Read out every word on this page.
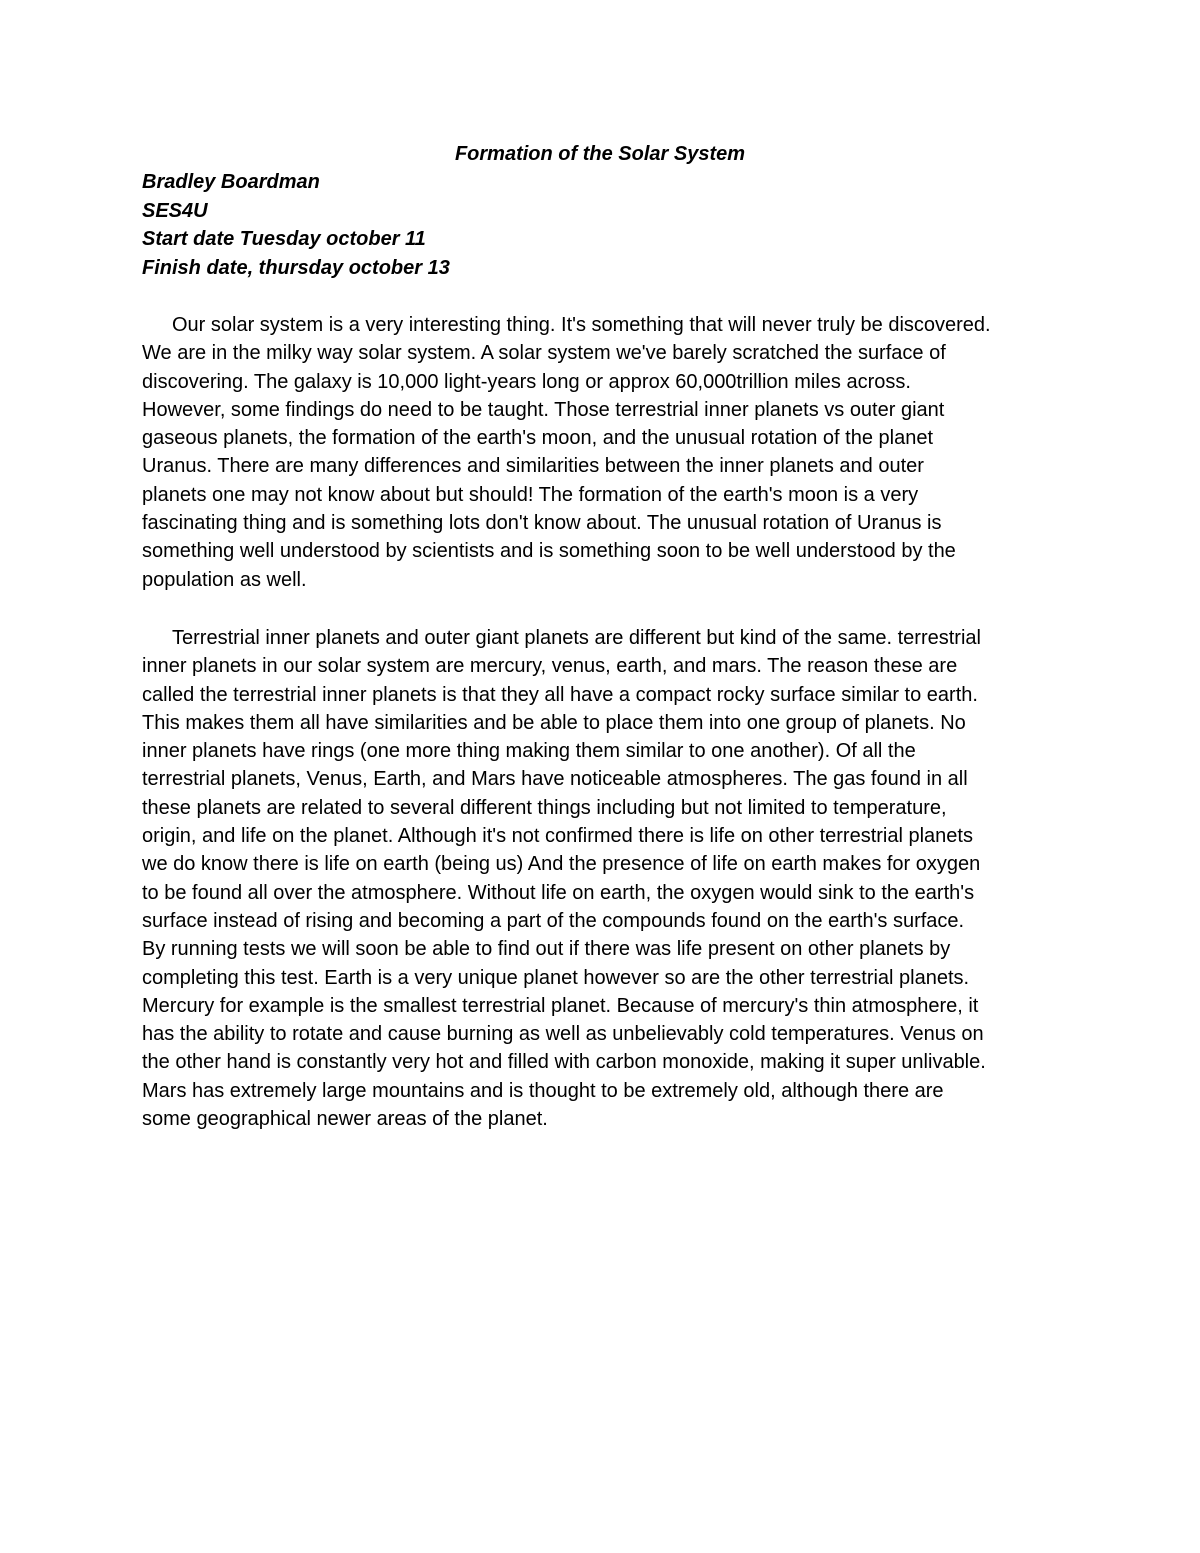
Formation of the Solar System
Bradley Boardman
SES4U
Start date Tuesday october 11
Finish date, thursday october 13
Our solar system is a very interesting thing. It's something that will never truly be discovered.
We are in the milky way solar system. A solar system we've barely scratched the surface of
discovering. The galaxy is 10,000 light-years long or approx 60,000trillion miles across.
However, some findings do need to be taught. Those terrestrial inner planets vs outer giant
gaseous planets, the formation of the earth's moon, and the unusual rotation of the planet
Uranus. There are many differences and similarities between the inner planets and outer
planets one may not know about but should! The formation of the earth's moon is a very
fascinating thing and is something lots don't know about. The unusual rotation of Uranus is
something well understood by scientists and is something soon to be well understood by the
population as well.
Terrestrial inner planets and outer giant planets are different but kind of the same. terrestrial
inner planets in our solar system are mercury, venus, earth, and mars. The reason these are
called the terrestrial inner planets is that they all have a compact rocky surface similar to earth.
This makes them all have similarities and be able to place them into one group of planets. No
inner planets have rings (one more thing making them similar to one another). Of all the
terrestrial planets, Venus, Earth, and Mars have noticeable atmospheres. The gas found in all
these planets are related to several different things including but not limited to temperature,
origin, and life on the planet. Although it's not confirmed there is life on other terrestrial planets
we do know there is life on earth (being us) And the presence of life on earth makes for oxygen
to be found all over the atmosphere. Without life on earth, the oxygen would sink to the earth's
surface instead of rising and becoming a part of the compounds found on the earth's surface.
By running tests we will soon be able to find out if there was life present on other planets by
completing this test. Earth is a very unique planet however so are the other terrestrial planets.
Mercury for example is the smallest terrestrial planet. Because of mercury's thin atmosphere, it
has the ability to rotate and cause burning as well as unbelievably cold temperatures. Venus on
the other hand is constantly very hot and filled with carbon monoxide, making it super unlivable.
Mars has extremely large mountains and is thought to be extremely old, although there are
some geographical newer areas of the planet.
